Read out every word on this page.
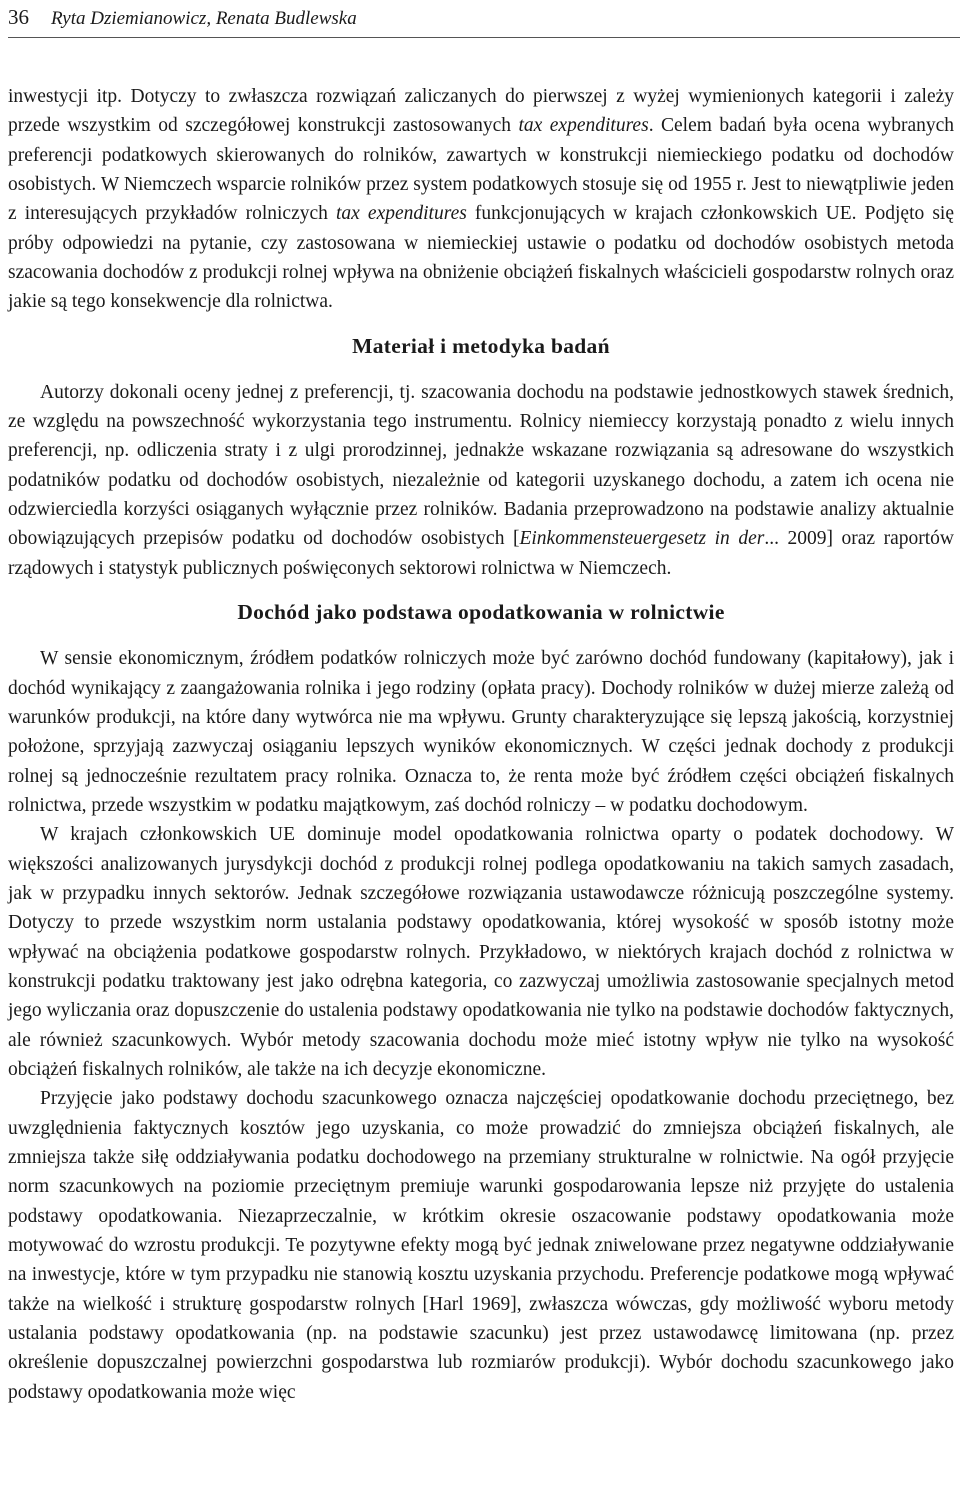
36 Ryta Dziemianowicz, Renata Budlewska

inwestycji itp. Dotyczy to zwłaszcza rozwiązań zaliczanych do pierwszej z wyżej wymienionych kategorii i zależy przede wszystkim od szczegółowej konstrukcji zastosowanych tax expenditures. Celem badań była ocena wybranych preferencji podatkowych skierowanych do rolników, zawartych w konstrukcji niemieckiego podatku od dochodów osobistych. W Niemczech wsparcie rolników przez system podatkowych stosuje się od 1955 r. Jest to niewątpliwie jeden z interesujących przykładów rolniczych tax expenditures funkcjonujących w krajach członkowskich UE. Podjęto się próby odpowiedzi na pytanie, czy zastosowana w niemieckiej ustawie o podatku od dochodów osobistych metoda szacowania dochodów z produkcji rolnej wpływa na obniżenie obciążeń fiskalnych właścicieli gospodarstw rolnych oraz jakie są tego konsekwencje dla rolnictwa.

Materiał i metodyka badań

Autorzy dokonali oceny jednej z preferencji, tj. szacowania dochodu na podstawie jednostkowych stawek średnich, ze względu na powszechność wykorzystania tego instrumentu. Rolnicy niemieccy korzystają ponadto z wielu innych preferencji, np. odliczenia straty i z ulgi prorodzinnej, jednakże wskazane rozwiązania są adresowane do wszystkich podatników podatku od dochodów osobistych, niezależnie od kategorii uzyskanego dochodu, a zatem ich ocena nie odzwierciedla korzyści osiąganych wyłącznie przez rolników. Badania przeprowadzono na podstawie analizy aktualnie obowiązujących przepisów podatku od dochodów osobistych [Einkommensteuergesetz in der... 2009] oraz raportów rządowych i statystyk publicznych poświęconych sektorowi rolnictwa w Niemczech.

Dochód jako podstawa opodatkowania w rolnictwie

W sensie ekonomicznym, źródłem podatków rolniczych może być zarówno dochód fundowany (kapitałowy), jak i dochód wynikający z zaangażowania rolnika i jego rodziny (opłata pracy). Dochody rolników w dużej mierze zależą od warunków produkcji, na które dany wytwórca nie ma wpływu. Grunty charakteryzujące się lepszą jakością, korzystniej położone, sprzyjają zazwyczaj osiąganiu lepszych wyników ekonomicznych. W części jednak dochody z produkcji rolnej są jednocześnie rezultatem pracy rolnika. Oznacza to, że renta może być źródłem części obciążeń fiskalnych rolnictwa, przede wszystkim w podatku majątkowym, zaś dochód rolniczy – w podatku dochodowym.

W krajach członkowskich UE dominuje model opodatkowania rolnictwa oparty o podatek dochodowy. W większości analizowanych jurysdykcji dochód z produkcji rolnej podlega opodatkowaniu na takich samych zasadach, jak w przypadku innych sektorów. Jednak szczegółowe rozwiązania ustawodawcze różnicują poszczególne systemy. Dotyczy to przede wszystkim norm ustalania podstawy opodatkowania, której wysokość w sposób istotny może wpływać na obciążenia podatkowe gospodarstw rolnych. Przykładowo, w niektórych krajach dochód z rolnictwa w konstrukcji podatku traktowany jest jako odrębna kategoria, co zazwyczaj umożliwia zastosowanie specjalnych metod jego wyliczania oraz dopuszczenie do ustalenia podstawy opodatkowania nie tylko na podstawie dochodów faktycznych, ale również szacunkowych. Wybór metody szacowania dochodu może mieć istotny wpływ nie tylko na wysokość obciążeń fiskalnych rolników, ale także na ich decyzje ekonomiczne.

Przyjęcie jako podstawy dochodu szacunkowego oznacza najczęściej opodatkowanie dochodu przeciętnego, bez uwzględnienia faktycznych kosztów jego uzyskania, co może prowadzić do zmniejsza obciążeń fiskalnych, ale zmniejsza także siłę oddziaływania podatku dochodowego na przemiany strukturalne w rolnictwie. Na ogół przyjęcie norm szacunkowych na poziomie przeciętnym premiuje warunki gospodarowania lepsze niż przyjęte do ustalenia podstawy opodatkowania. Niezaprzeczalnie, w krótkim okresie oszacowanie podstawy opodatkowania może motywować do wzrostu produkcji. Te pozytywne efekty mogą być jednak zniwelowane przez negatywne oddziaływanie na inwestycje, które w tym przypadku nie stanowią kosztu uzyskania przychodu. Preferencje podatkowe mogą wpływać także na wielkość i strukturę gospodarstw rolnych [Harl 1969], zwłaszcza wówczas, gdy możliwość wyboru metody ustalania podstawy opodatkowania (np. na podstawie szacunku) jest przez ustawodawcę limitowana (np. przez określenie dopuszczalnej powierzchni gospodarstwa lub rozmiarów produkcji). Wybór dochodu szacunkowego jako podstawy opodatkowania może więc
